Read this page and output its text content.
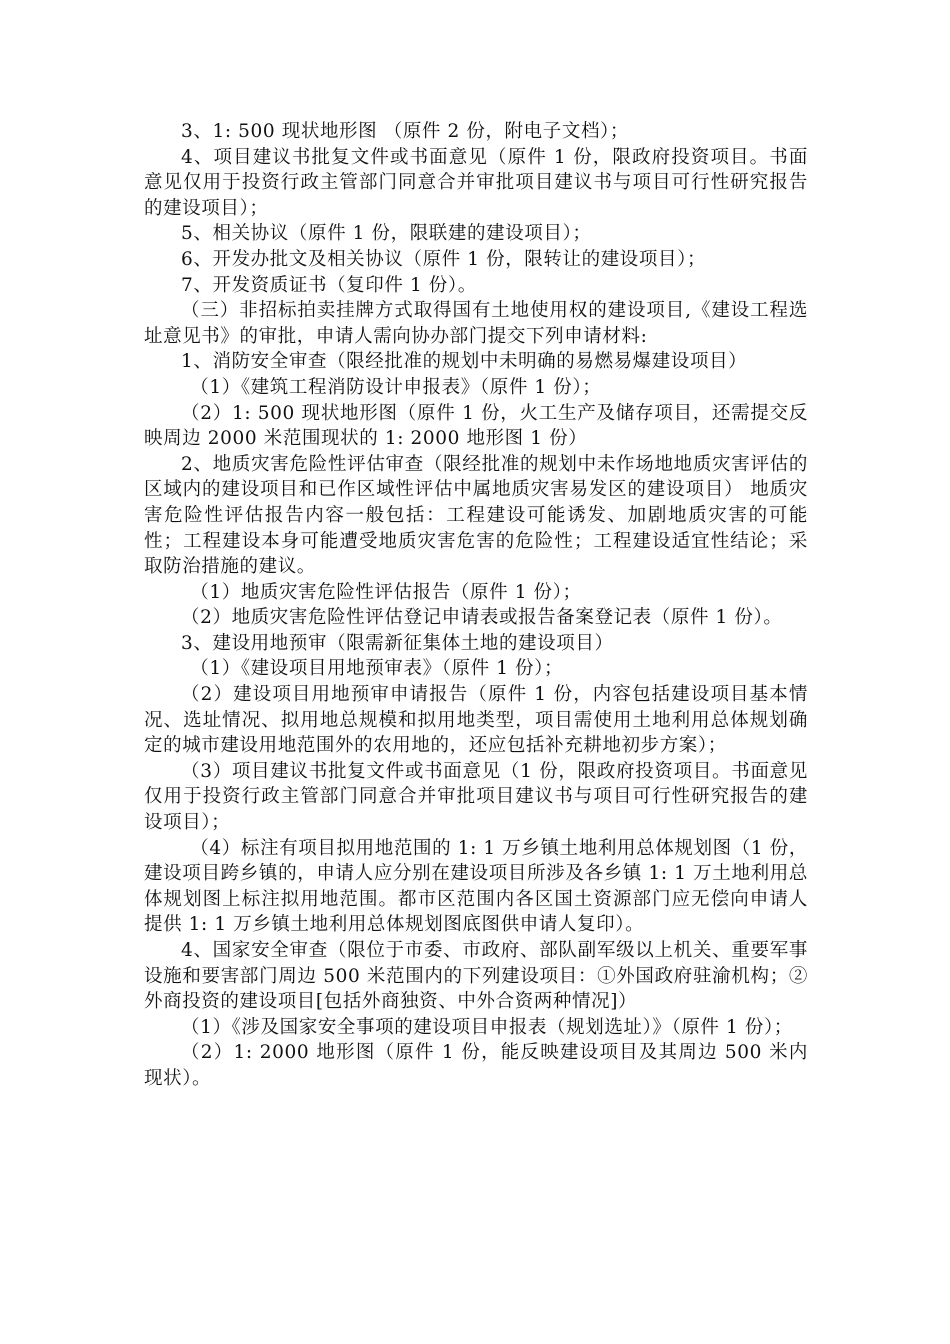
3、1: 500 现状地形图 （原件 2 份，附电子文档）；

4、项目建议书批复文件或书面意见（原件 1 份，限政府投资项目。书面意见仅用于投资行政主管部门同意合并审批项目建议书与项目可行性研究报告的建设项目）；

5、相关协议（原件 1 份，限联建的建设项目）；

6、开发办批文及相关协议（原件 1 份，限转让的建设项目）；

7、开发资质证书（复印件 1 份）。

（三）非招标拍卖挂牌方式取得国有土地使用权的建设项目,《建设工程选址意见书》的审批，申请人需向协办部门提交下列申请材料:

1、消防安全审查（限经批准的规划中未明确的易燃易爆建设项目）

（1）《建筑工程消防设计申报表》（原件 1 份）；

（2）1: 500 现状地形图（原件 1 份，火工生产及储存项目，还需提交反映周边 2000 米范围现状的 1: 2000 地形图 1 份）

2、地质灾害危险性评估审查（限经批准的规划中未作场地地质灾害评估的区域内的建设项目和已作区域性评估中属地质灾害易发区的建设项目） 地质灾害危险性评估报告内容一般包括：工程建设可能诱发、加剧地质灾害的可能性；工程建设本身可能遭受地质灾害危害的危险性；工程建设适宜性结论；采取防治措施的建议。

（1）地质灾害危险性评估报告（原件 1 份）；

（2）地质灾害危险性评估登记申请表或报告备案登记表（原件 1 份）。

3、建设用地预审（限需新征集体土地的建设项目）

（1）《建设项目用地预审表》（原件 1 份）；

（2）建设项目用地预审申请报告（原件 1 份，内容包括建设项目基本情况、选址情况、拟用地总规模和拟用地类型，项目需使用土地利用总体规划确定的城市建设用地范围外的农用地的，还应包括补充耕地初步方案）；

（3）项目建议书批复文件或书面意见（1 份，限政府投资项目。书面意见仅用于投资行政主管部门同意合并审批项目建议书与项目可行性研究报告的建设项目）；

（4）标注有项目拟用地范围的 1: 1 万乡镇土地利用总体规划图（1 份，建设项目跨乡镇的，申请人应分别在建设项目所涉及各乡镇 1: 1 万土地利用总体规划图上标注拟用地范围。都市区范围内各区国土资源部门应无偿向申请人提供 1: 1 万乡镇土地利用总体规划图底图供申请人复印）。

4、国家安全审查（限位于市委、市政府、部队副军级以上机关、重要军事设施和要害部门周边 500 米范围内的下列建设项目：①外国政府驻渝机构；②外商投资的建设项目[包括外商独资、中外合资两种情况]）

（1）《涉及国家安全事项的建设项目申报表（规划选址）》（原件 1 份）；

（2）1: 2000 地形图（原件 1 份，能反映建设项目及其周边 500 米内现状）。
